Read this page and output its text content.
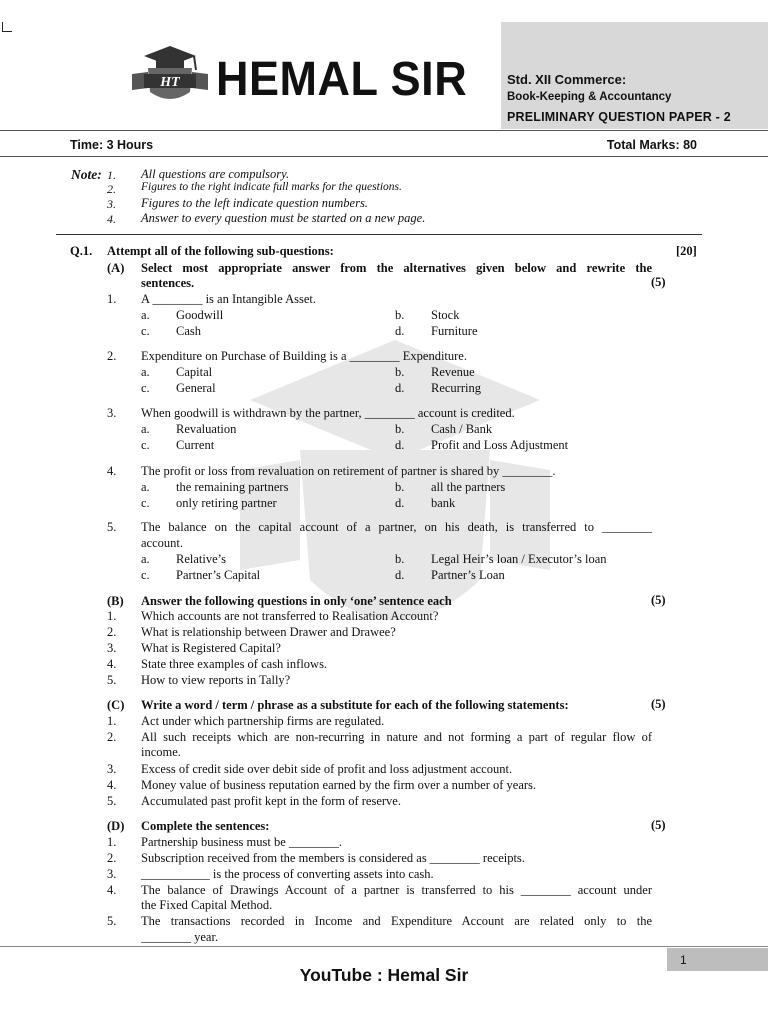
HT HEMAL SIR	Std. XII Commerce:
Book-Keeping & Accountancy
PRELIMINARY QUESTION PAPER - 2
Time: 3 Hours	Total Marks: 80
Note: 1. All questions are compulsory.
2. Figures to the right indicate full marks for the questions.
3. Figures to the left indicate question numbers.
4. Answer to every question must be started on a new page.
Q.1. Attempt all of the following sub-questions:	[20]
(A) Select most appropriate answer from the alternatives given below and rewrite the
sentences.	(5)
1. A ________ is an Intangible Asset.
a. Goodwill	b. Stock
c. Cash	d. Furniture
2. Expenditure on Purchase of Building is a ________ Expenditure.
a. Capital	b. Revenue
c. General	d. Recurring
3. When goodwill is withdrawn by the partner, ________ account is credited.
a. Revaluation	b. Cash / Bank
c. Current	d. Profit and Loss Adjustment
4. The profit or loss from revaluation on retirement of partner is shared by ________.
a. the remaining partners	b. all the partners
c. only retiring partner	d. bank
5. The balance on the capital account of a partner, on his death, is transferred to ________
account.
a. Relative’s	b. Legal Heir’s loan / Executor’s loan
c. Partner’s Capital	d. Partner’s Loan
(B) Answer the following questions in only ‘one’ sentence each	(5)
1. Which accounts are not transferred to Realisation Account?
2. What is relationship between Drawer and Drawee?
3. What is Registered Capital?
4. State three examples of cash inflows.
5. How to view reports in Tally?
(C) Write a word / term / phrase as a substitute for each of the following statements:	(5)
1. Act under which partnership firms are regulated.
2. All such receipts which are non-recurring in nature and not forming a part of regular flow of
income.
3. Excess of credit side over debit side of profit and loss adjustment account.
4. Money value of business reputation earned by the firm over a number of years.
5. Accumulated past profit kept in the form of reserve.
(D) Complete the sentences:	(5)
1. Partnership business must be ________.
2. Subscription received from the members is considered as ________ receipts.
3. ___________ is the process of converting assets into cash.
4. The balance of Drawings Account of a partner is transferred to his ________ account under
the Fixed Capital Method.
5. The transactions recorded in Income and Expenditure Account are related only to the
________ year.
1
YouTube : Hemal Sir
